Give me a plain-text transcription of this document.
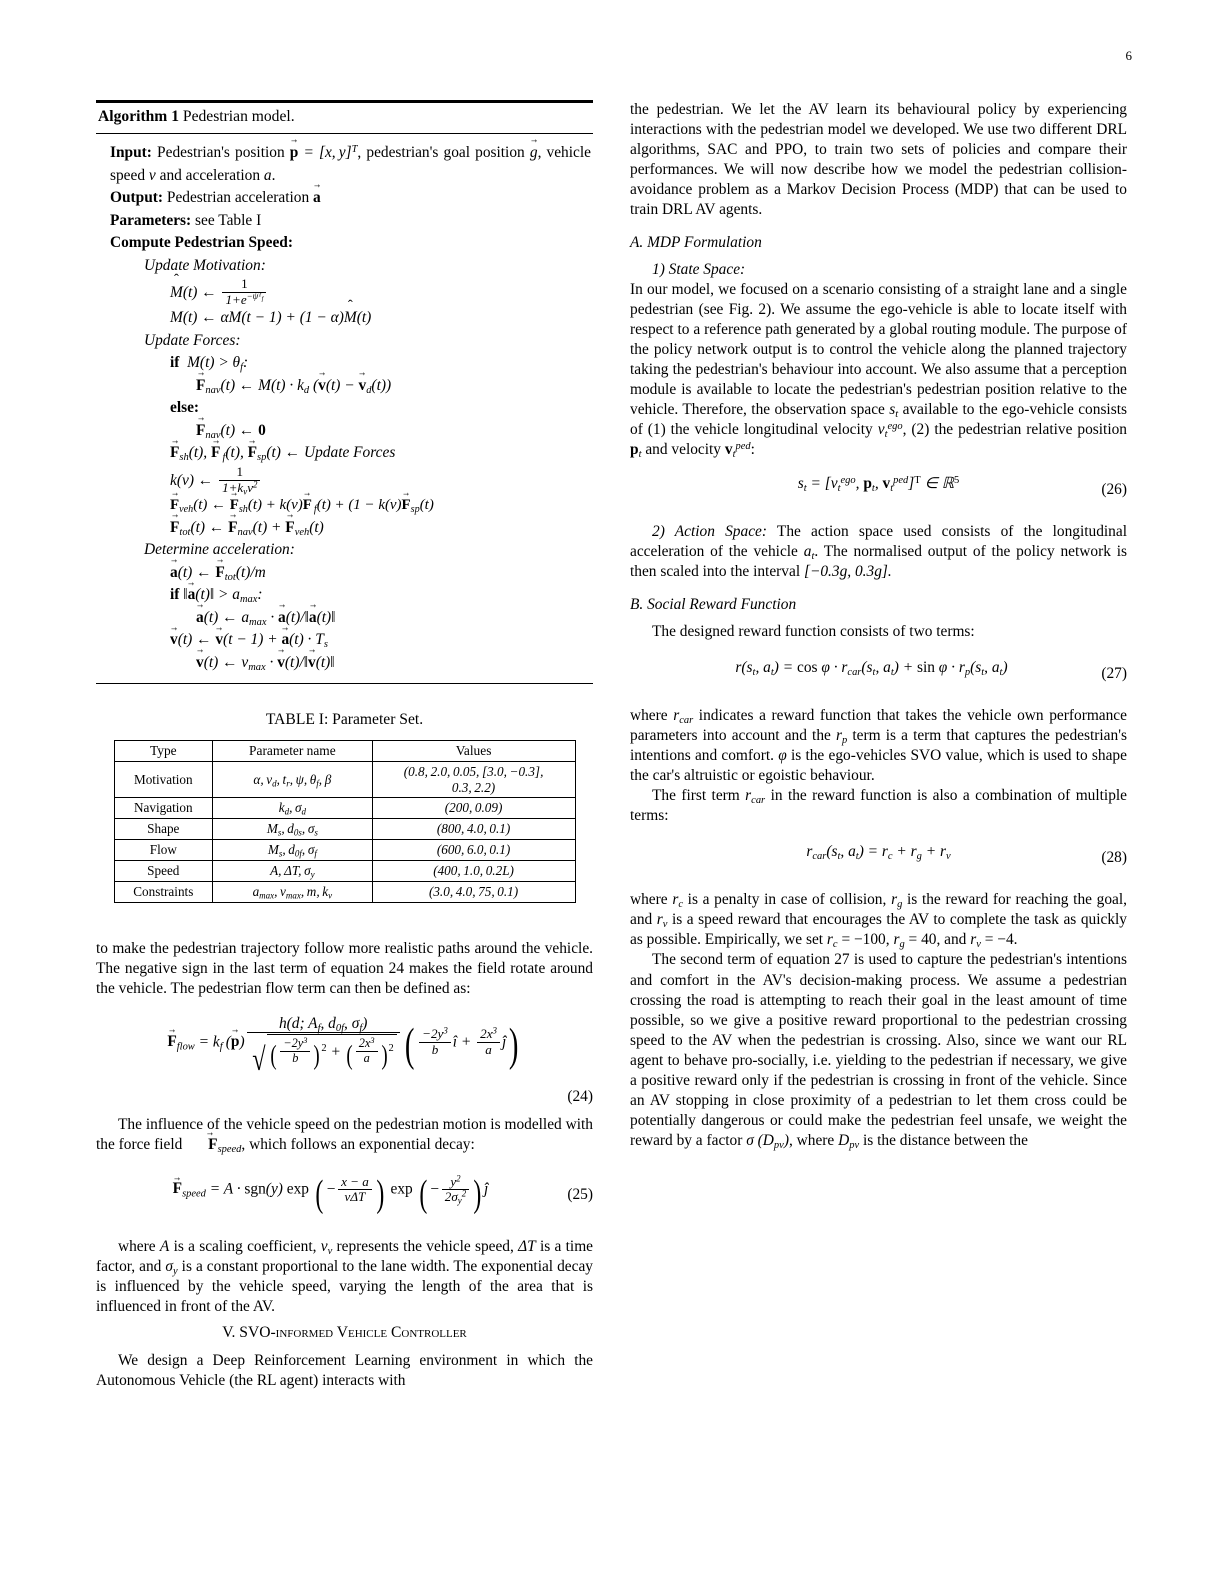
6
Algorithm 1 Pedestrian model.
Input: Pedestrian's position p → = [x, y]$^T$, pedestrian's goal position g →, vehicle speed v and acceleration a.
Output: Pedestrian acceleration a →
Parameters: see Table I
Compute Pedestrian Speed:
Update Motivation:
M ˆ(t) ← $\frac{1}{1+e^{-\psi^T_f}}$
M(t) ← αM(t − 1) + (1 − α)M ˆ(t)
Update Forces:
if $M(t) > \theta_f$:
$F \to_{nav}(t)$ ← $M(t) \cdot k_d$ $(v \to(t) - v \to_d(t))$
else:
$F \to_{nav}(t)$ ← 0
$F \to_{sh}(t)$, F → $_f$(t), $F \to_{sp}(t)$ ← Update Forces
k(v) ← $\frac{1}{1+k_vv^2}$
$F \to_{veh}(t)$ ← $F \to_{sh}(t) + k(v)F \to _f(t) + (1 - k(v)F \to_{sp}(t)$
$F \to_{tot}(t)$ ← $F \to_{nav}(t) + F \to_{veh}(t)$
Determine acceleration:
a →(t) ← $F \to_{tot}(t)/m$
if ‖a →(t)‖ > $a_{max}$:
a →(t) ← $a_{max} \cdot a$ →(t)/‖a →(t)‖
v →(t) ← $v \to(t - 1) + a \to(t) \cdot T_s$
v →(t) ← $v_{max} \cdot v$ →(t)/‖v →(t)‖
TABLE I: Parameter Set.
Type	Parameter name	Values
Motivation	α, $v_d$, $t_r$, ψ, $\theta_f$, β	(0.8, 2.0, 0.05, [3.0, −0.3],
0.3, 2.2)
Navigation	$k_d$, $\sigma_d$	(200, 0.09)
Shape	$M_s$, $d_{0s}$, $\sigma_s$	(800, 4.0, 0.1)
Flow	$M_s$, $d_{0f}$, $\sigma_f$	(600, 6.0, 0.1)
Speed	A, ΔT, $\sigma_y$	(400, 1.0, 0.2L)
Constraints	$a_{max}$, $v_{max}$, m, $k_v$	(3.0, 4.0, 75, 0.1)

to make the pedestrian trajectory follow more realistic paths around the vehicle. The negative sign in the last term of equation 24 makes the field rotate around the vehicle. The pedestrian flow term can then be defined as:

$F \to_{flow} = k_f$ (p →) $\frac{h(d; A_f, d_{0f}, \sigma_f)}{√ ( \frac{-2y^3}{b} )^2 + ( \frac{2x^3}{a} )^2}$ ( $\frac{-2y^3}{b}$ î + $\frac{2x^3}{a}$ ĵ)
(24)

The influence of the vehicle speed on the pedestrian motion is modelled with the force field $F \to_{speed}$, which follows an exponential decay:

$F \to_{speed} = A \cdot sgn(y)$ exp ( − $\frac{x - a}{\text{vΔT}}$ ) exp ( − $\frac{y^2}{2\sigma_y^2}$ ) ĵ	(25)

where A is a scaling coefficient, $v_v$ represents the vehicle speed, ΔT is a time factor, and $\sigma_y$ is a constant proportional to the lane width. The exponential decay is influenced by the vehicle speed, varying the length of the area that is influenced in front of the AV.

V. SVO-informed Vehicle Controller

We design a Deep Reinforcement Learning environment in which the Autonomous Vehicle (the RL agent) interacts with

the pedestrian. We let the AV learn its behavioural policy by experiencing interactions with the pedestrian model we developed. We use two different DRL algorithms, SAC and PPO, to train two sets of policies and compare their performances. We will now describe how we model the pedestrian collision-avoidance problem as a Markov Decision Process (MDP) that can be used to train DRL AV agents.

A. MDP Formulation

1) State Space:

In our model, we focused on a scenario consisting of a straight lane and a single pedestrian (see Fig. 2). We assume the ego-vehicle is able to locate itself with respect to a reference path generated by a global routing module. The purpose of the policy network output is to control the vehicle along the planned trajectory taking the pedestrian's behaviour into account. We also assume that a perception module is available to locate the pedestrian's pedestrian position relative to the vehicle. Therefore, the observation space $s_t$ available to the ego-vehicle consists of (1) the vehicle longitudinal velocity $v_t^{ego}$, (2) the pedestrian relative position $p_t$ and velocity $v_t^{ped}$:

$s_t = [v_t^{ego}$, $p_t$, $v_t^{ped}]^T$ ∈ ℝ$^5$
(26)

2) Action Space: The action space used consists of the longitudinal acceleration of the vehicle $a_t$. The normalised output of the policy network is then scaled into the interval [−0.3g, 0.3g].

B. Social Reward Function

The designed reward function consists of two terms:

$r(s_t$, $a_t) = \cos \varphi \cdot r_{car}(s_t$, $a_t) + \sin \varphi \cdot r_p(s_t$, $a_t$)	(27)

where $r_{car}$ indicates a reward function that takes the vehicle own performance parameters into account and the $r_p$ term is a term that captures the pedestrian's intentions and comfort. φ is the ego-vehicles SVO value, which is used to shape the car's altruistic or egoistic behaviour.

The first term $r_{car}$ in the reward function is also a combination of multiple terms:

$r_{car}(s_t$, $a_t) = r_c + r_g + r_v$	(28)

where $r_c$ is a penalty in case of collision, $r_g$ is the reward for reaching the goal, and $r_v$ is a speed reward that encourages the AV to complete the task as quickly as possible. Empirically, we set $r_c = -100$, $r_g = 40$, and $r_v = -4$.

The second term of equation 27 is used to capture the pedestrian's intentions and comfort in the AV's decision-making process. We assume a pedestrian crossing the road is attempting to reach their goal in the least amount of time possible, so we give a positive reward proportional to the pedestrian crossing speed to the AV when the pedestrian is crossing. Also, since we want our RL agent to behave pro-socially, i.e. yielding to the pedestrian if necessary, we give a positive reward only if the pedestrian is crossing in front of the vehicle. Since an AV stopping in close proximity of a pedestrian to let them cross could be potentially dangerous or could make the pedestrian feel unsafe, we weight the reward by a factor σ $(D_{pv})$, where $D_{pv}$ is the distance between the
